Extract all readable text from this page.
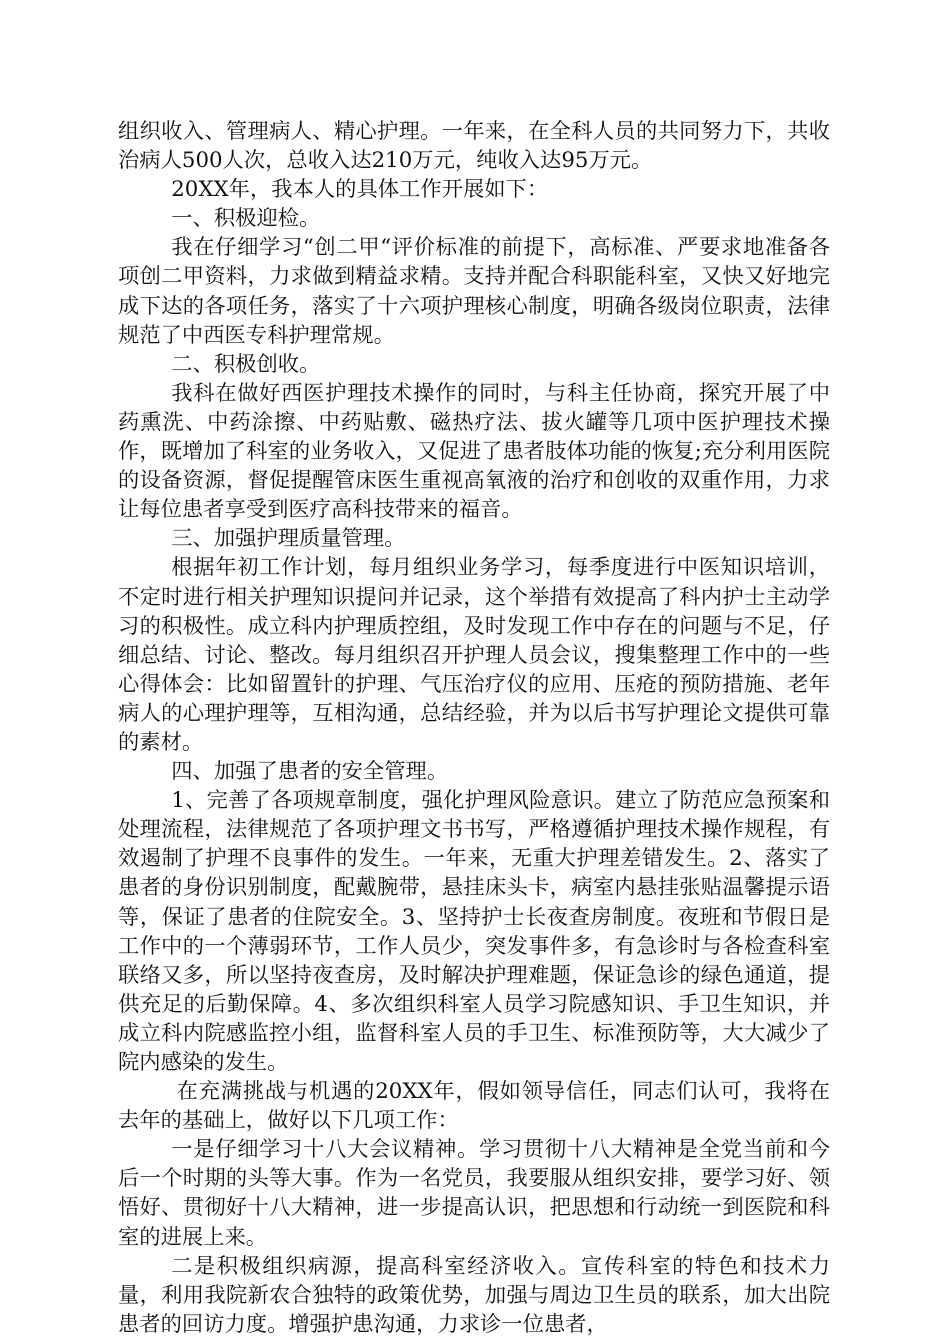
组织收入、管理病人、精心护理。一年来，在全科人员的共同努力下，共收治病人500人次，总收入达210万元，纯收入达95万元。

20XX年，我本人的具体工作开展如下：

一、积极迎检。

我在仔细学习“创二甲“评价标准的前提下，高标准、严要求地准备各项创二甲资料，力求做到精益求精。支持并配合科职能科室，又快又好地完成下达的各项任务，落实了十六项护理核心制度，明确各级岗位职责，法律规范了中西医专科护理常规。

二、积极创收。

我科在做好西医护理技术操作的同时，与科主任协商，探究开展了中药熏洗、中药涂擦、中药贴敷、磁热疗法、拔火罐等几项中医护理技术操作，既增加了科室的业务收入，又促进了患者肢体功能的恢复;充分利用医院的设备资源，督促提醒管床医生重视高氧液的治疗和创收的双重作用，力求让每位患者享受到医疗高科技带来的福音。

三、加强护理质量管理。

根据年初工作计划，每月组织业务学习，每季度进行中医知识培训，不定时进行相关护理知识提问并记录，这个举措有效提高了科内护士主动学习的积极性。成立科内护理质控组，及时发现工作中存在的问题与不足，仔细总结、讨论、整改。每月组织召开护理人员会议，搜集整理工作中的一些心得体会：比如留置针的护理、气压治疗仪的应用、压疮的预防措施、老年病人的心理护理等，互相沟通，总结经验，并为以后书写护理论文提供可靠的素材。

四、加强了患者的安全管理。

1、完善了各项规章制度，强化护理风险意识。建立了防范应急预案和处理流程，法律规范了各项护理文书书写，严格遵循护理技术操作规程，有效遏制了护理不良事件的发生。一年来，无重大护理差错发生。2、落实了患者的身份识别制度，配戴腕带，悬挂床头卡，病室内悬挂张贴温馨提示语等，保证了患者的住院安全。3、坚持护士长夜查房制度。夜班和节假日是工作中的一个薄弱环节，工作人员少，突发事件多，有急诊时与各检查科室联络又多，所以坚持夜查房，及时解决护理难题，保证急诊的绿色通道，提供充足的后勤保障。4、多次组织科室人员学习院感知识、手卫生知识，并成立科内院感监控小组，监督科室人员的手卫生、标准预防等，大大减少了院内感染的发生。

在充满挑战与机遇的20XX年，假如领导信任，同志们认可，我将在去年的基础上，做好以下几项工作：

一是仔细学习十八大会议精神。学习贯彻十八大精神是全党当前和今后一个时期的头等大事。作为一名党员，我要服从组织安排，要学习好、领悟好、贯彻好十八大精神，进一步提高认识，把思想和行动统一到医院和科室的进展上来。

二是积极组织病源，提高科室经济收入。宣传科室的特色和技术力量，利用我院新农合独特的政策优势，加强与周边卫生员的联系，加大出院患者的回访力度。增强护患沟通，力求诊一位患者，
